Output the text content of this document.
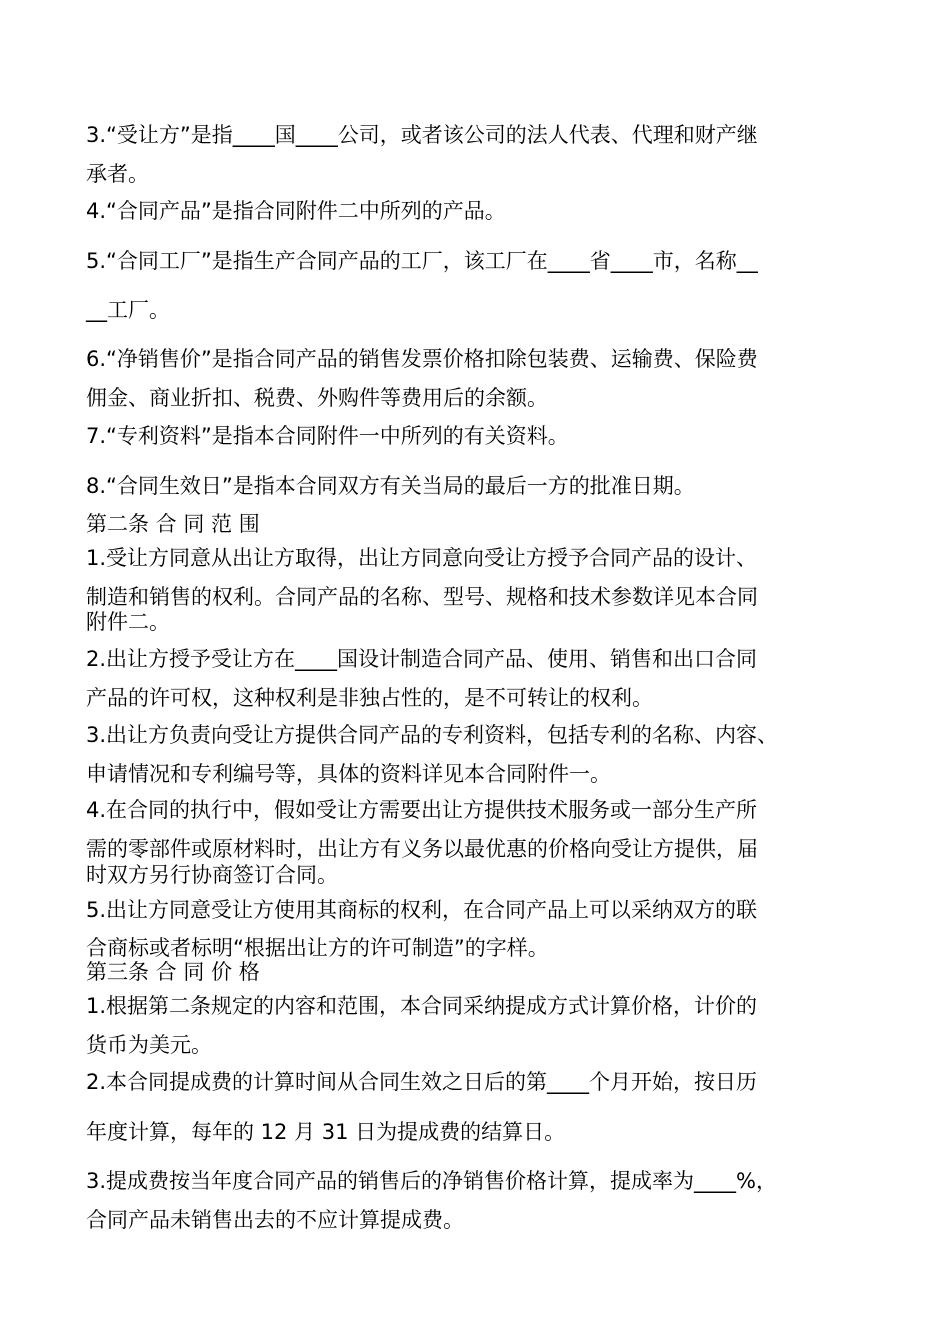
3.“受让方”是指____国____公司，或者该公司的法人代表、代理和财产继
承者。
4.“合同产品”是指合同附件二中所列的产品。
5.“合同工厂”是指生产合同产品的工厂，该工厂在____省____市，名称__
__工厂。
6.“净销售价”是指合同产品的销售发票价格扣除包装费、运输费、保险费
佣金、商业折扣、税费、外购件等费用后的余额。
7.“专利资料”是指本合同附件一中所列的有关资料。
8.“合同生效日”是指本合同双方有关当局的最后一方的批准日期。
第二条 合 同 范 围
1.受让方同意从出让方取得，出让方同意向受让方授予合同产品的设计、
制造和销售的权利。合同产品的名称、型号、规格和技术参数详见本合同
附件二。
2.出让方授予受让方在____国设计制造合同产品、使用、销售和出口合同
产品的许可权，这种权利是非独占性的，是不可转让的权利。
3.出让方负责向受让方提供合同产品的专利资料，包括专利的名称、内容、
申请情况和专利编号等，具体的资料详见本合同附件一。
4.在合同的执行中，假如受让方需要出让方提供技术服务或一部分生产所
需的零部件或原材料时，出让方有义务以最优惠的价格向受让方提供，届
时双方另行协商签订合同。
5.出让方同意受让方使用其商标的权利，在合同产品上可以采纳双方的联
合商标或者标明“根据出让方的许可制造”的字样。
第三条 合 同 价 格
1.根据第二条规定的内容和范围，本合同采纳提成方式计算价格，计价的
货币为美元。
2.本合同提成费的计算时间从合同生效之日后的第____个月开始，按日历
年度计算，每年的 12 月 31 日为提成费的结算日。
3.提成费按当年度合同产品的销售后的净销售价格计算，提成率为____%，
合同产品未销售出去的不应计算提成费。
